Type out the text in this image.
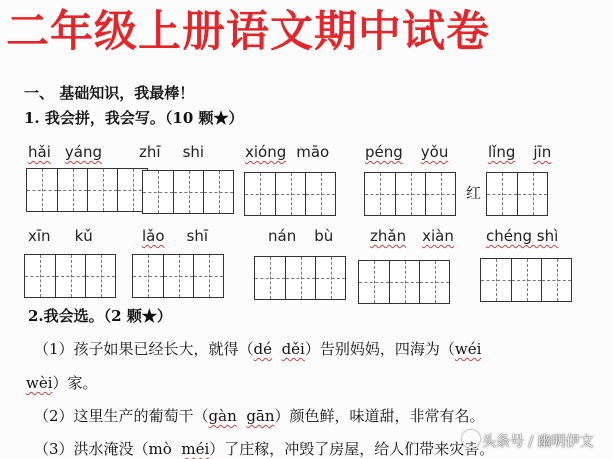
二年级上册语文期中试卷
一、 基础知识，我最棒！
1. 我会拼，我会写。（10 颗★）
hǎi yáng zhī shi	xióng māo péng yǒu	lǐng jīn
红
xīn kǔ	lǎo shī	nán bù zhǎn xiàn chéng shì
2.我会选。（2 颗★）
（1）孩子如果已经长大，就得（dé děi）告别妈妈，四海为（wéi
wèi）家。
（2）这里生产的葡萄干（gàn gān）颜色鲜，味道甜，非常有名。
（3）洪水淹没（mò méi）了庄稼，冲毁了房屋，给人们带来灾害。
头条号 / 幽明伊文
